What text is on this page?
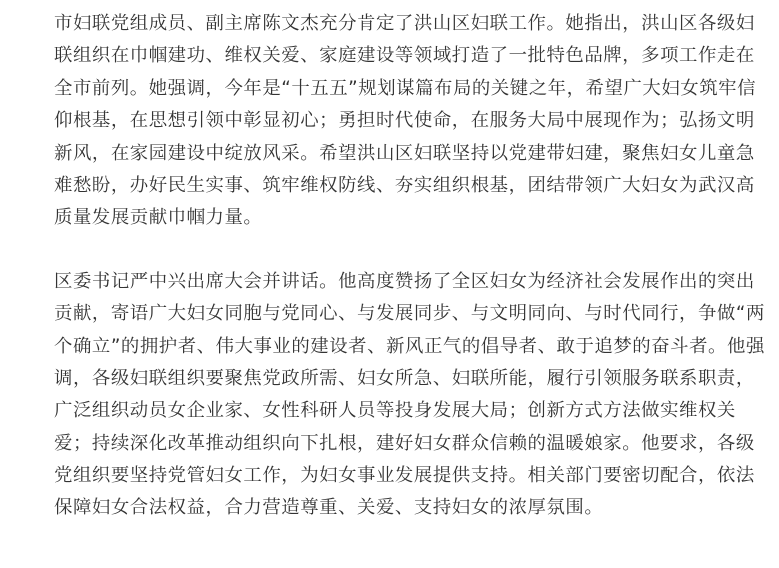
市妇联党组成员、副主席陈文杰充分肯定了洪山区妇联工作。她指出，洪山区各级妇
联组织在巾帼建功、维权关爱、家庭建设等领域打造了一批特色品牌，多项工作走在
全市前列。她强调，今年是“十五五”规划谋篇布局的关键之年，希望广大妇女筑牢信
仰根基，在思想引领中彰显初心；勇担时代使命，在服务大局中展现作为；弘扬文明
新风，在家园建设中绽放风采。希望洪山区妇联坚持以党建带妇建，聚焦妇女儿童急
难愁盼，办好民生实事、筑牢维权防线、夯实组织根基，团结带领广大妇女为武汉高
质量发展贡献巾帼力量。
区委书记严中兴出席大会并讲话。他高度赞扬了全区妇女为经济社会发展作出的突出
贡献，寄语广大妇女同胞与党同心、与发展同步、与文明同向、与时代同行，争做“两
个确立”的拥护者、伟大事业的建设者、新风正气的倡导者、敢于追梦的奋斗者。他强
调，各级妇联组织要聚焦党政所需、妇女所急、妇联所能，履行引领服务联系职责，
广泛组织动员女企业家、女性科研人员等投身发展大局；创新方式方法做实维权关
爱；持续深化改革推动组织向下扎根，建好妇女群众信赖的温暖娘家。他要求，各级
党组织要坚持党管妇女工作，为妇女事业发展提供支持。相关部门要密切配合，依法
保障妇女合法权益，合力营造尊重、关爱、支持妇女的浓厚氛围。
